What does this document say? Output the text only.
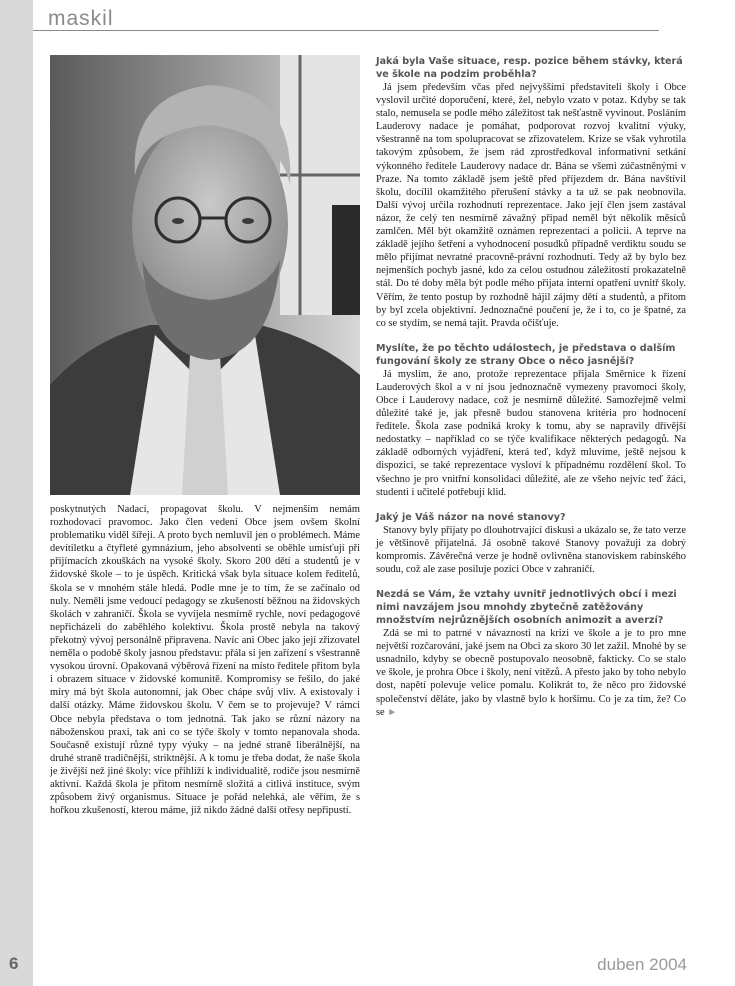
maskil

poskytnutých Nadací, propagovat školu. V nejmenším nemám rozhodovací pravomoc. Jako člen vedení Obce jsem ovšem školní problematiku viděl šířeji. A proto bych nemluvil jen o problémech. Máme devítiletku a čtyřleté gymnázium, jeho absolventi se oběhle umísťují při přijímacích zkouškách na vysoké školy. Skoro 200 dětí a studentů je v židovské škole – to je úspěch. Kritická však byla situace kolem ředitelů, škola se v mnohém stále hledá. Podle mne je to tím, že se začínalo od nuly. Neměli jsme vedoucí pedagogy se zkušeností běžnou na židovských školách v zahraničí. Škola se vyvíjela nesmírně rychle, noví pedagogové nepřicházeli do zaběhlého kolektivu. Škola prostě nebyla na takový překotný vývoj personálně připravena. Navíc ani Obec jako její zřizovatel neměla o podobě školy jasnou představu: přála si jen zařízení s všestranně vysokou úrovní. Opakovaná výběrová řízení na místo ředitele přitom byla i obrazem situace v židovské komunitě. Kompromisy se řešilo, do jaké míry má být škola autonomní, jak Obec chápe svůj vliv. A existovaly i další otázky. Máme židovskou školu. V čem se to projevuje? V rámci Obce nebyla představa o tom jednotná. Tak jako se různí názory na náboženskou praxi, tak ani co se týče školy v tomto nepanovala shoda. Současně existují různé typy výuky – na jedné straně liberálnější, na druhé straně tradičnější, striktnější. A k tomu je třeba dodat, že naše škola je živější než jiné školy: více přihlíží k individualitě, rodiče jsou nesmírně aktivní. Každá škola je přitom nesmírně složitá a citlivá instituce, svým způsobem živý organismus. Situace je pořád nelehká, ale věřím, že s hořkou zkušeností, kterou máme, již nikdo žádné další otřesy nepřipustí.

Jaká byla Vaše situace, resp. pozice během stávky, která ve škole na podzim proběhla?

Já jsem především včas před nejvyššími představiteli školy i Obce vyslovil určité doporučení, které, žel, nebylo vzato v potaz. Kdyby se tak stalo, nemusela se podle mého záležitost tak nešťastně vyvinout. Posláním Lauderovy nadace je pomáhat, podporovat rozvoj kvalitní výuky, všestranně na tom spolupracovat se zřizovatelem. Krize se však vyhrotila takovým způsobem, že jsem rád zprostředkoval informativní setkání výkonného ředitele Lauderovy nadace dr. Bána se všemi zúčastněnými v Praze. Na tomto základě jsem ještě před příjezdem dr. Bána navštívil školu, docílil okamžitého přerušení stávky a ta už se pak neobnovila. Další vývoj určila rozhodnutí reprezentace. Jako její člen jsem zastával názor, že celý ten nesmírně závažný případ neměl být několik měsíců zamlčen. Měl být okamžitě oznámen reprezentaci a policii. A teprve na základě jejího šetření a vyhodnocení posudků případně verdiktu soudu se mělo přijímat nevratné pracovně-právní rozhodnutí. Tedy až by bylo bez nejmenších pochyb jasné, kdo za celou ostudnou záležitostí prokazatelně stál. Do té doby měla být podle mého přijata interní opatření uvnitř školy. Věřím, že tento postup by rozhodně hájil zájmy dětí a studentů, a přitom by byl zcela objektivní. Jednoznačné poučení je, že i to, co je špatné, za co se stydím, se nemá tajit. Pravda očišťuje.

Myslíte, že po těchto událostech, je představa o dalším fungování školy ze strany Obce o něco jasnější?

Já myslím, že ano, protože reprezentace přijala Směrnice k řízení Lauderových škol a v ní jsou jednoznačně vymezeny pravomoci školy, Obce i Lauderovy nadace, což je nesmírně důležité. Samozřejmě velmi důležité také je, jak přesně budou stanovena kritéria pro hodnocení ředitele. Škola zase podniká kroky k tomu, aby se napravily dřívější nedostatky – například co se týče kvalifikace některých pedagogů. Na základě odborných vyjádření, která teď, když mluvíme, ještě nejsou k dispozici, se také reprezentace vysloví k případnému rozdělení škol. To všechno je pro vnitřní konsolidaci důležité, ale ze všeho nejvíc teď žáci, studenti i učitelé potřebují klid.

Jaký je Váš názor na nové stanovy?

Stanovy byly přijaty po dlouhotrvající diskusi a ukázalo se, že tato verze je většinově přijatelná. Já osobně takové Stanovy považuji za dobrý kompromis. Závěrečná verze je hodně ovlivněna stanoviskem rabínského soudu, což ale zase posiluje pozici Obce v zahraničí.

Nezdá se Vám, že vztahy uvnitř jednotlivých obcí i mezi nimi navzájem jsou mnohdy zbytečně zatěžovány množstvím nejrůznějších osobních animozit a averzí?

Zdá se mi to patrné v návaznosti na krizi ve škole a je to pro mne největší rozčarování, jaké jsem na Obci za skoro 30 let zažil. Mnohé by se usnadnilo, kdyby se obecně postupovalo neosobně, fakticky. Co se stalo ve škole, je prohra Obce i školy, není vítězů. A přesto jako by toho nebylo dost, napětí polevuje velice pomalu. Kolikrát to, že něco pro židovské společenství děláte, jako by vlastně bylo k horšímu. Co je za tím, že? Co se ►

6	duben 2004
